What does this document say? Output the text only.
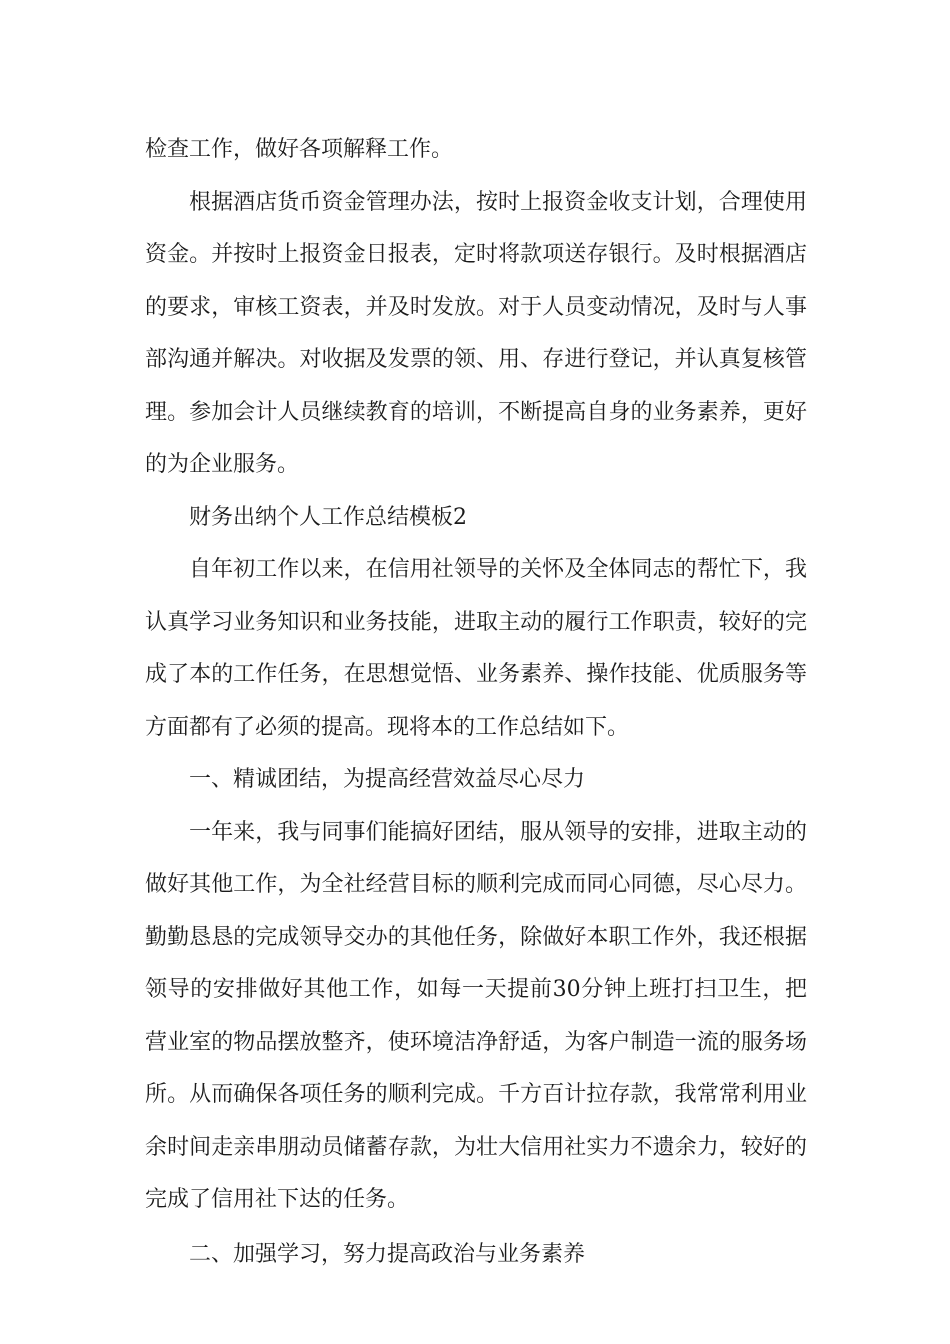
检查工作，做好各项解释工作。

根据酒店货币资金管理办法，按时上报资金收支计划，合理使用资金。并按时上报资金日报表，定时将款项送存银行。及时根据酒店的要求，审核工资表，并及时发放。对于人员变动情况，及时与人事部沟通并解决。对收据及发票的领、用、存进行登记，并认真复核管理。参加会计人员继续教育的培训，不断提高自身的业务素养，更好的为企业服务。

财务出纳个人工作总结模板2

自年初工作以来，在信用社领导的关怀及全体同志的帮忙下，我认真学习业务知识和业务技能，进取主动的履行工作职责，较好的完成了本的工作任务，在思想觉悟、业务素养、操作技能、优质服务等方面都有了必须的提高。现将本的工作总结如下。

一、精诚团结，为提高经营效益尽心尽力

一年来，我与同事们能搞好团结，服从领导的安排，进取主动的做好其他工作，为全社经营目标的顺利完成而同心同德，尽心尽力。勤勤恳恳的完成领导交办的其他任务，除做好本职工作外，我还根据领导的安排做好其他工作，如每一天提前30分钟上班打扫卫生，把营业室的物品摆放整齐，使环境洁净舒适，为客户制造一流的服务场所。从而确保各项任务的顺利完成。千方百计拉存款，我常常利用业余时间走亲串朋动员储蓄存款，为壮大信用社实力不遗余力，较好的完成了信用社下达的任务。

二、加强学习，努力提高政治与业务素养
